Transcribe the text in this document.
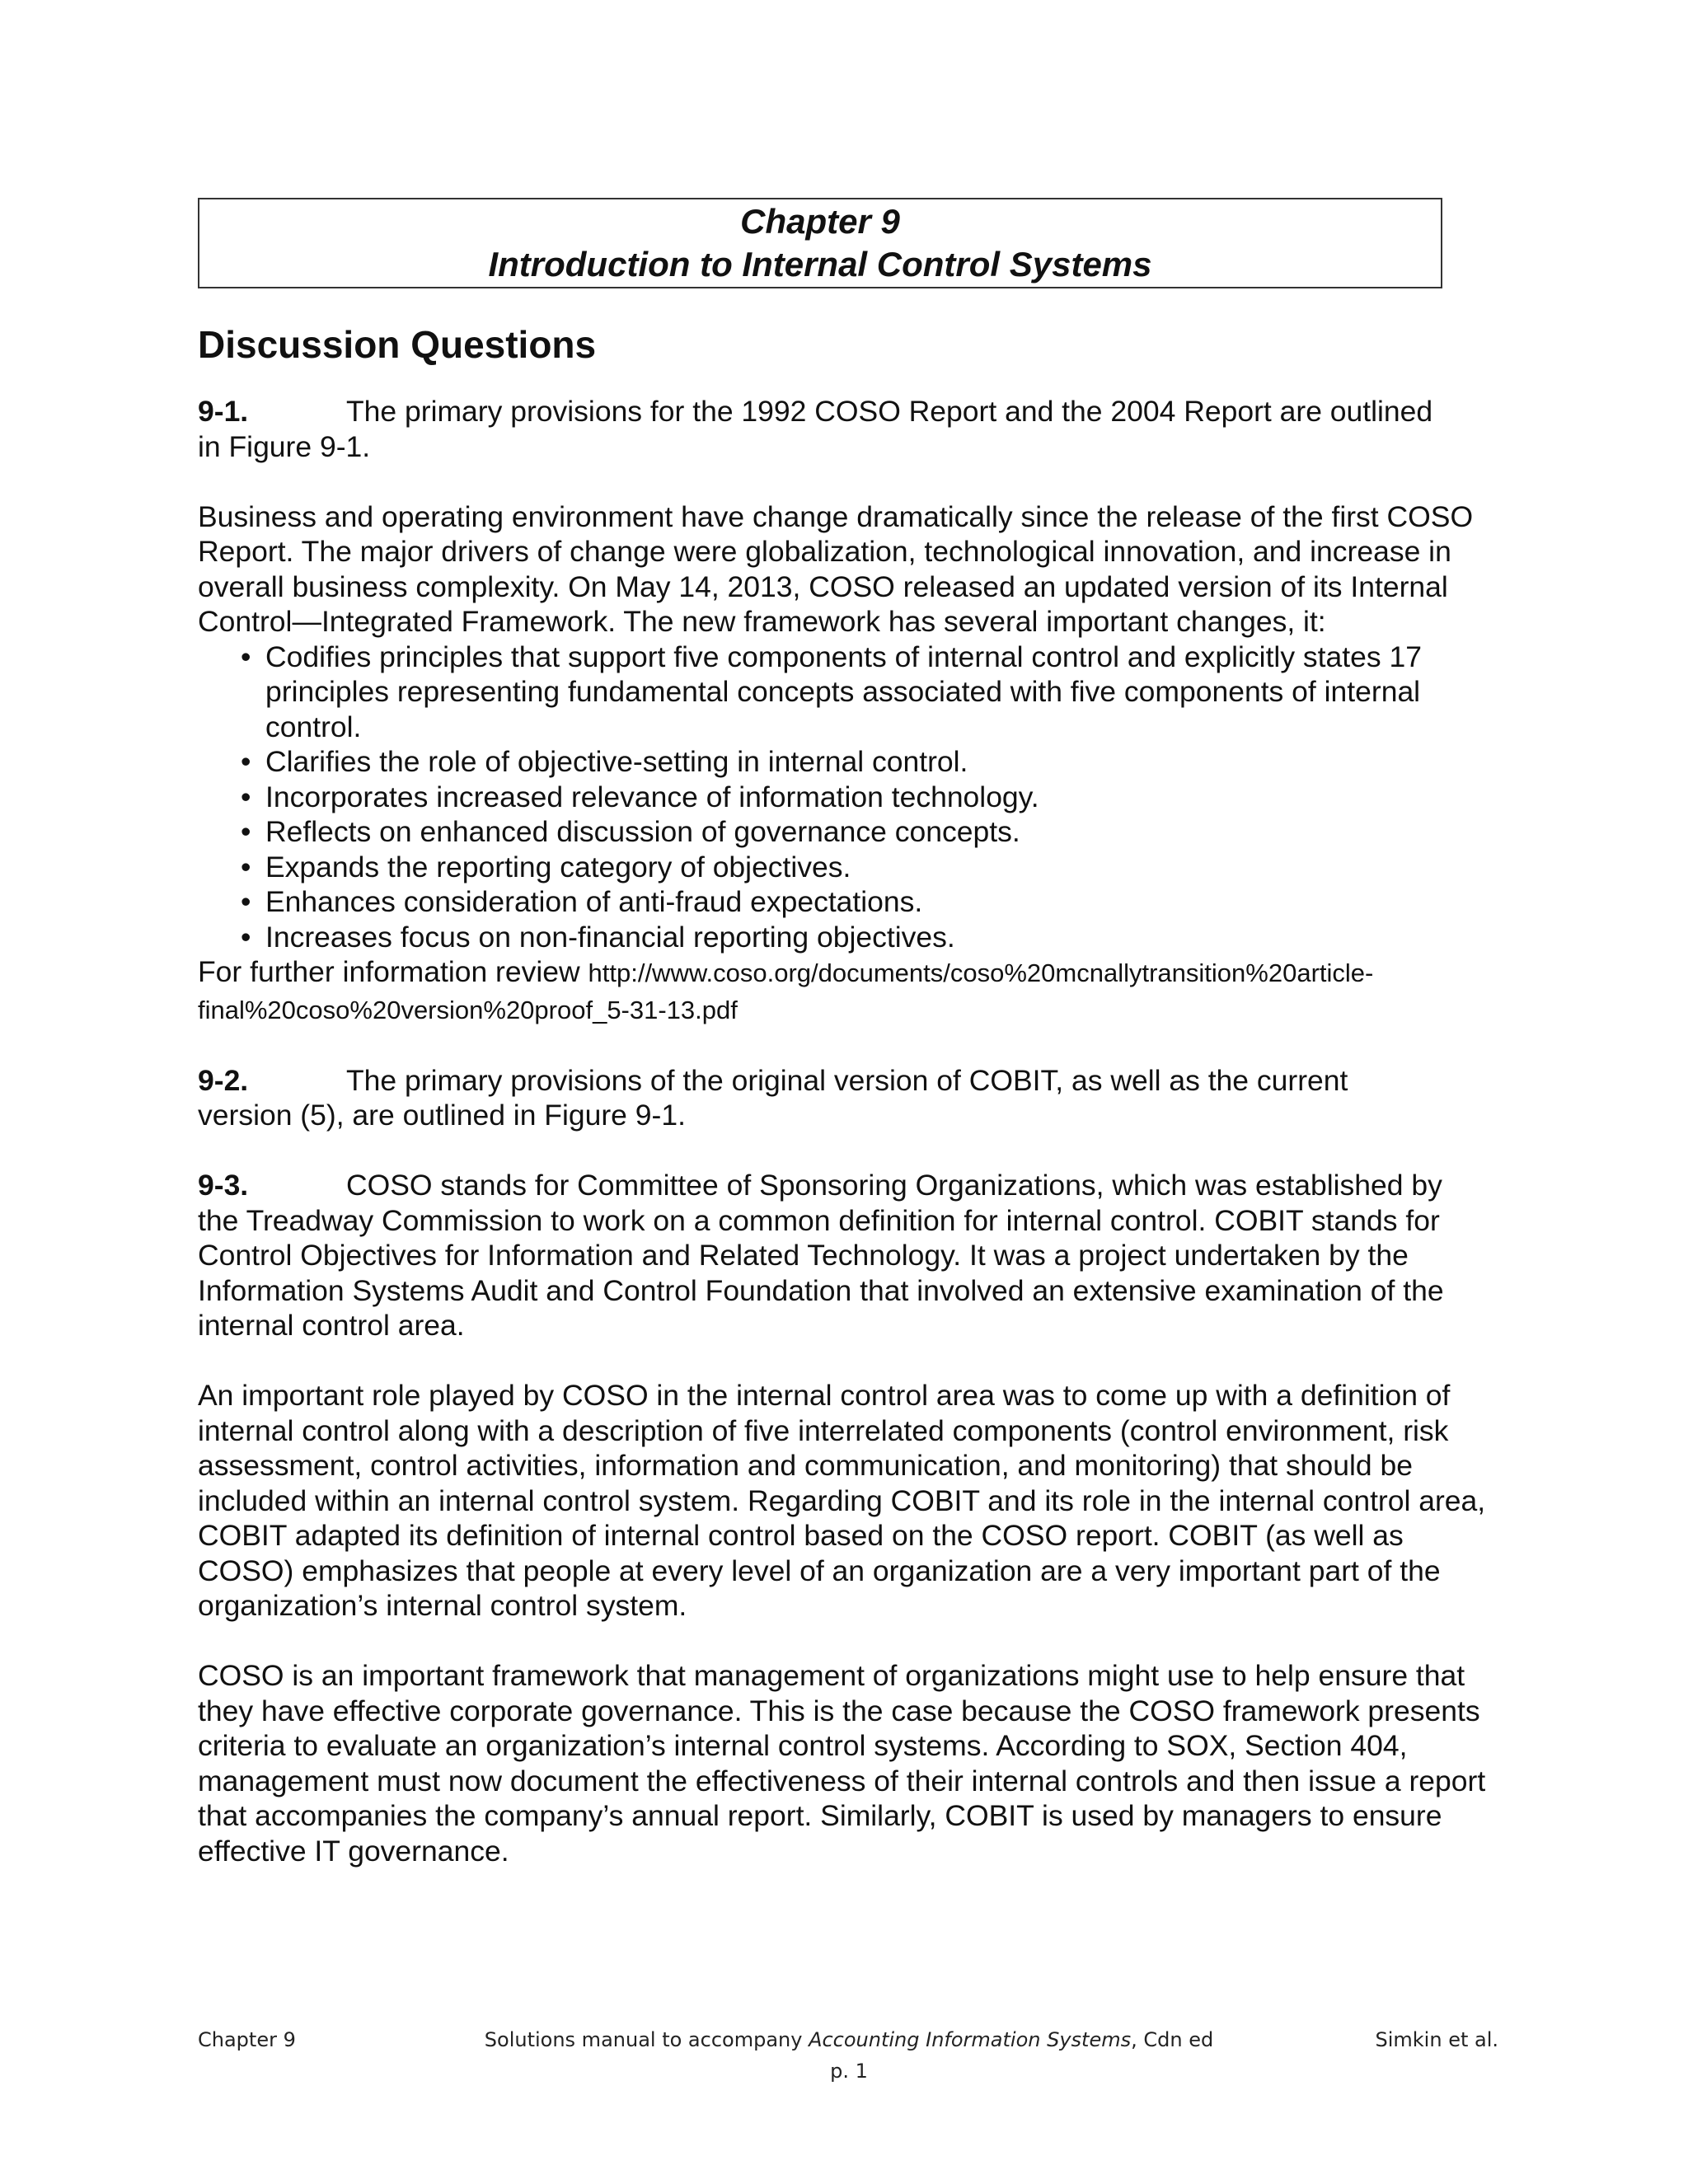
Chapter 9
Introduction to Internal Control Systems
Discussion Questions

9-1.	The primary provisions for the 1992 COSO Report and the 2004 Report are outlined
in Figure 9-1.

Business and operating environment have change dramatically since the release of the first COSO Report. The major drivers of change were globalization, technological innovation, and increase in overall business complexity. On May 14, 2013, COSO released an updated version of its Internal Control—Integrated Framework. The new framework has several important changes, it:

• Codifies principles that support five components of internal control and explicitly states 17 principles representing fundamental concepts associated with five components of internal control.
• Clarifies the role of objective-setting in internal control.
• Incorporates increased relevance of information technology.
• Reflects on enhanced discussion of governance concepts.
• Expands the reporting category of objectives.
• Enhances consideration of anti-fraud expectations.
• Increases focus on non-financial reporting objectives.

For further information review http://www.coso.org/documents/coso%20mcnallytransition%20article-final%20coso%20version%20proof_5-31-13.pdf

9-2.	The primary provisions of the original version of COBIT, as well as the current
version (5), are outlined in Figure 9-1.

9-3.	COSO stands for Committee of Sponsoring Organizations, which was established by
the Treadway Commission to work on a common definition for internal control. COBIT stands for Control Objectives for Information and Related Technology. It was a project undertaken by the Information Systems Audit and Control Foundation that involved an extensive examination of the internal control area.

An important role played by COSO in the internal control area was to come up with a definition of internal control along with a description of five interrelated components (control environment, risk assessment, control activities, information and communication, and monitoring) that should be included within an internal control system. Regarding COBIT and its role in the internal control area, COBIT adapted its definition of internal control based on the COSO report. COBIT (as well as COSO) emphasizes that people at every level of an organization are a very important part of the organization’s internal control system.

COSO is an important framework that management of organizations might use to help ensure that they have effective corporate governance. This is the case because the COSO framework presents criteria to evaluate an organization’s internal control systems. According to SOX, Section 404, management must now document the effectiveness of their internal controls and then issue a report that accompanies the company’s annual report. Similarly, COBIT is used by managers to ensure effective IT governance.

Chapter 9	Solutions manual to accompany Accounting Information Systems, Cdn ed	Simkin et al.
p. 1
